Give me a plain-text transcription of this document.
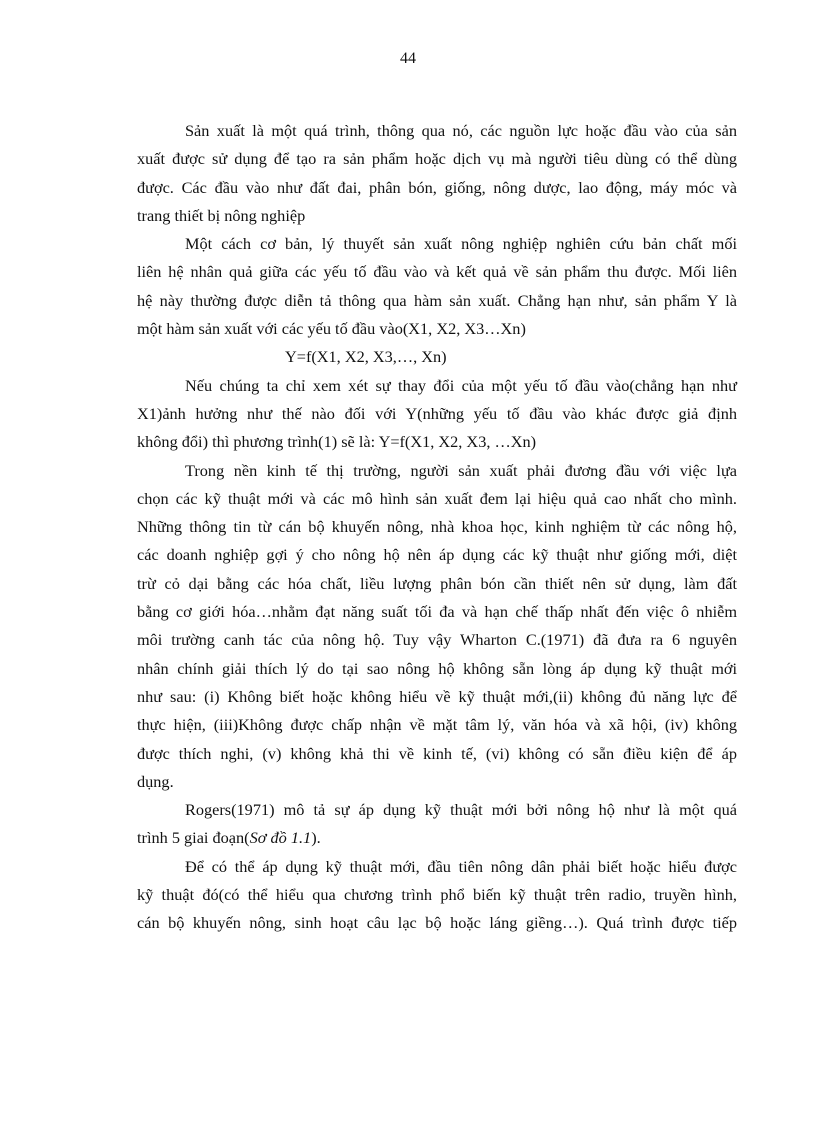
44
Sản xuất là một quá trình, thông qua nó, các nguồn lực hoặc đầu vào của sản
xuất được sử dụng để tạo ra sản phẩm hoặc dịch vụ mà người tiêu dùng có thể dùng
được. Các đầu vào như đất đai, phân bón, giống, nông dược, lao động, máy móc và
trang thiết bị nông nghiệp
Một cách cơ bản, lý thuyết sản xuất nông nghiệp nghiên cứu bản chất mối
liên hệ nhân quả giữa các yếu tố đầu vào và kết quả về sản phẩm thu được. Mối liên
hệ này thường được diễn tả thông qua hàm sản xuất. Chẳng hạn như, sản phẩm Y là
một hàm sản xuất với các yếu tố đầu vào(X1, X2, X3…Xn)
Y=f(X1, X2, X3,…, Xn)
Nếu chúng ta chỉ xem xét sự thay đổi của một yếu tố đầu vào(chẳng hạn như
X1)ảnh hưởng như thế nào đối với Y(những yếu tố đầu vào khác được giả định
không đổi) thì phương trình(1) sẽ là: Y=f(X1, X2, X3, …Xn)
Trong nền kinh tế thị trường, người sản xuất phải đương đầu với việc lựa
chọn các kỹ thuật mới và các mô hình sản xuất đem lại hiệu quả cao nhất cho mình.
Những thông tin từ cán bộ khuyến nông, nhà khoa học, kinh nghiệm từ các nông hộ,
các doanh nghiệp gợi ý cho nông hộ nên áp dụng các kỹ thuật như giống mới, diệt
trừ cỏ dại bằng các hóa chất, liều lượng phân bón cần thiết nên sử dụng, làm đất
bằng cơ giới hóa…nhằm đạt năng suất tối đa và hạn chế thấp nhất đến việc ô nhiễm
môi trường canh tác của nông hộ. Tuy vậy Wharton C.(1971) đã đưa ra 6 nguyên
nhân chính giải thích lý do tại sao nông hộ không sẵn lòng áp dụng kỹ thuật mới
như sau: (i) Không biết hoặc không hiểu về kỹ thuật mới,(ii) không đủ năng lực để
thực hiện, (iii)Không được chấp nhận về mặt tâm lý, văn hóa và xã hội, (iv) không
được thích nghi, (v) không khả thi về kinh tế, (vi) không có sẵn điều kiện để áp
dụng.
Rogers(1971) mô tả sự áp dụng kỹ thuật mới bởi nông hộ như là một quá
trình 5 giai đoạn(Sơ đồ 1.1).
Để có thể áp dụng kỹ thuật mới, đầu tiên nông dân phải biết hoặc hiểu được
kỹ thuật đó(có thể hiểu qua chương trình phổ biến kỹ thuật trên radio, truyền hình,
cán bộ khuyến nông, sinh hoạt câu lạc bộ hoặc láng giềng…). Quá trình được tiếp
